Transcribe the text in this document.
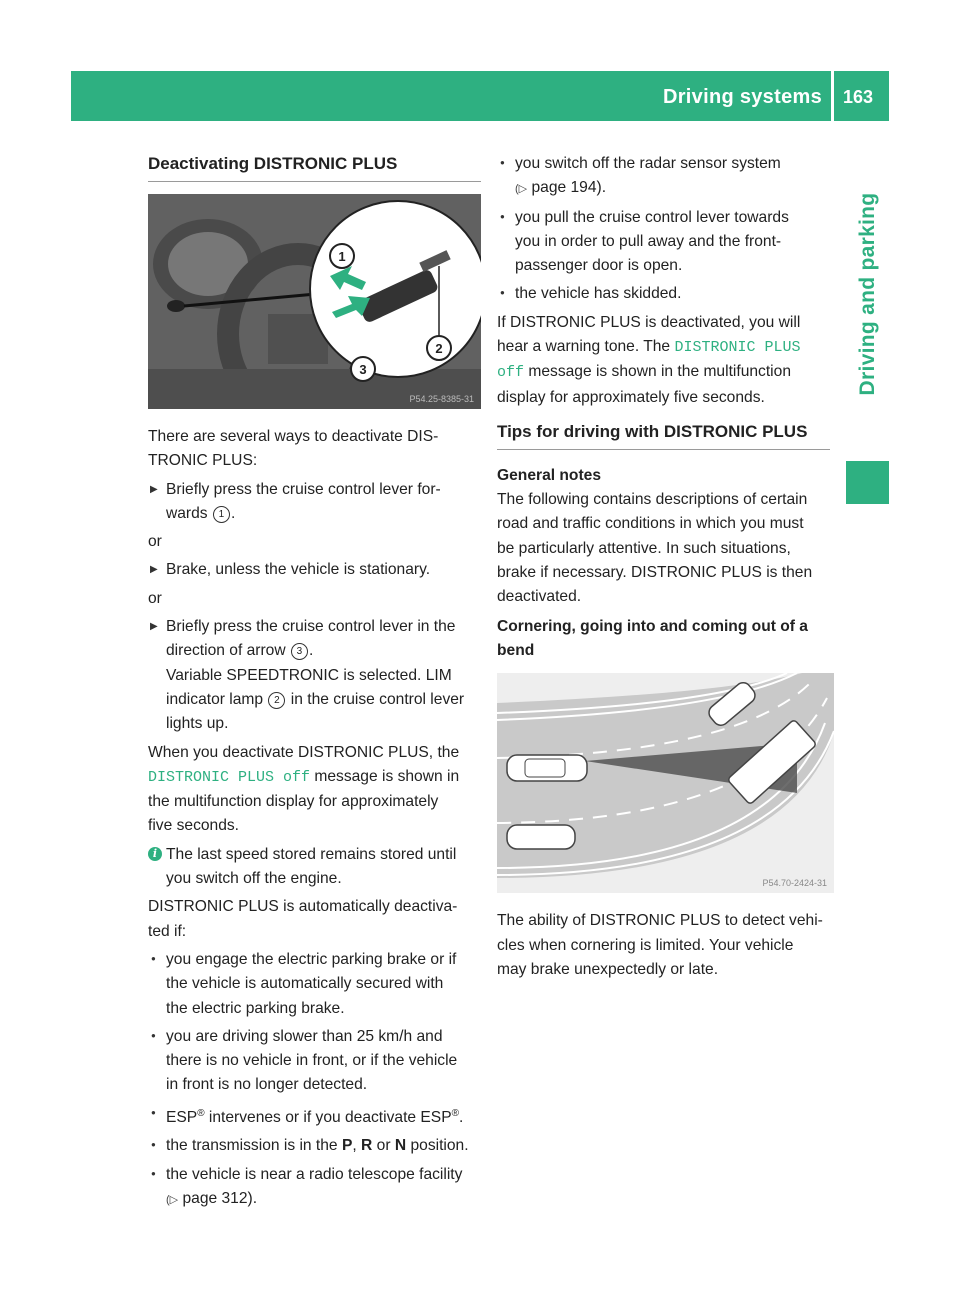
Driving systems 163
Driving and parking
Deactivating DISTRONIC PLUS
1
2
3
P54.25-8385-31

There are several ways to deactivate DIS-
TRONIC PLUS:

▶ Briefly press the cruise control lever for-
wards 1 .

or

▶ Brake, unless the vehicle is stationary.

or

▶ Briefly press the cruise control lever in the
direction of arrow 3 .
Variable SPEEDTRONIC is selected. LIM
indicator lamp 2 in the cruise control lever
lights up.

When you deactivate DISTRONIC PLUS, the
DISTRONIC PLUS off message is shown in
the multifunction display for approximately
five seconds.

i The last speed stored remains stored until
you switch off the engine.

DISTRONIC PLUS is automatically deactiva-
ted if:

● you engage the electric parking brake or if
the vehicle is automatically secured with
the electric parking brake.
● you are driving slower than 25 km/h and
there is no vehicle in front, or if the vehicle
in front is no longer detected.
● ESP® intervenes or if you deactivate ESP®.
● the transmission is in the P, R or N position.
● the vehicle is near a radio telescope facility
(▷ page 312).
● you switch off the radar sensor system
(▷ page 194).
● you pull the cruise control lever towards
you in order to pull away and the front-
passenger door is open.
● the vehicle has skidded.

If DISTRONIC PLUS is deactivated, you will
hear a warning tone. The DISTRONIC PLUS
off message is shown in the multifunction
display for approximately five seconds.

Tips for driving with DISTRONIC PLUS
General notes

The following contains descriptions of certain
road and traffic conditions in which you must
be particularly attentive. In such situations,
brake if necessary. DISTRONIC PLUS is then
deactivated.

Cornering, going into and coming out of a
bend
P54.70-2424-31

The ability of DISTRONIC PLUS to detect vehi-
cles when cornering is limited. Your vehicle
may brake unexpectedly or late.
